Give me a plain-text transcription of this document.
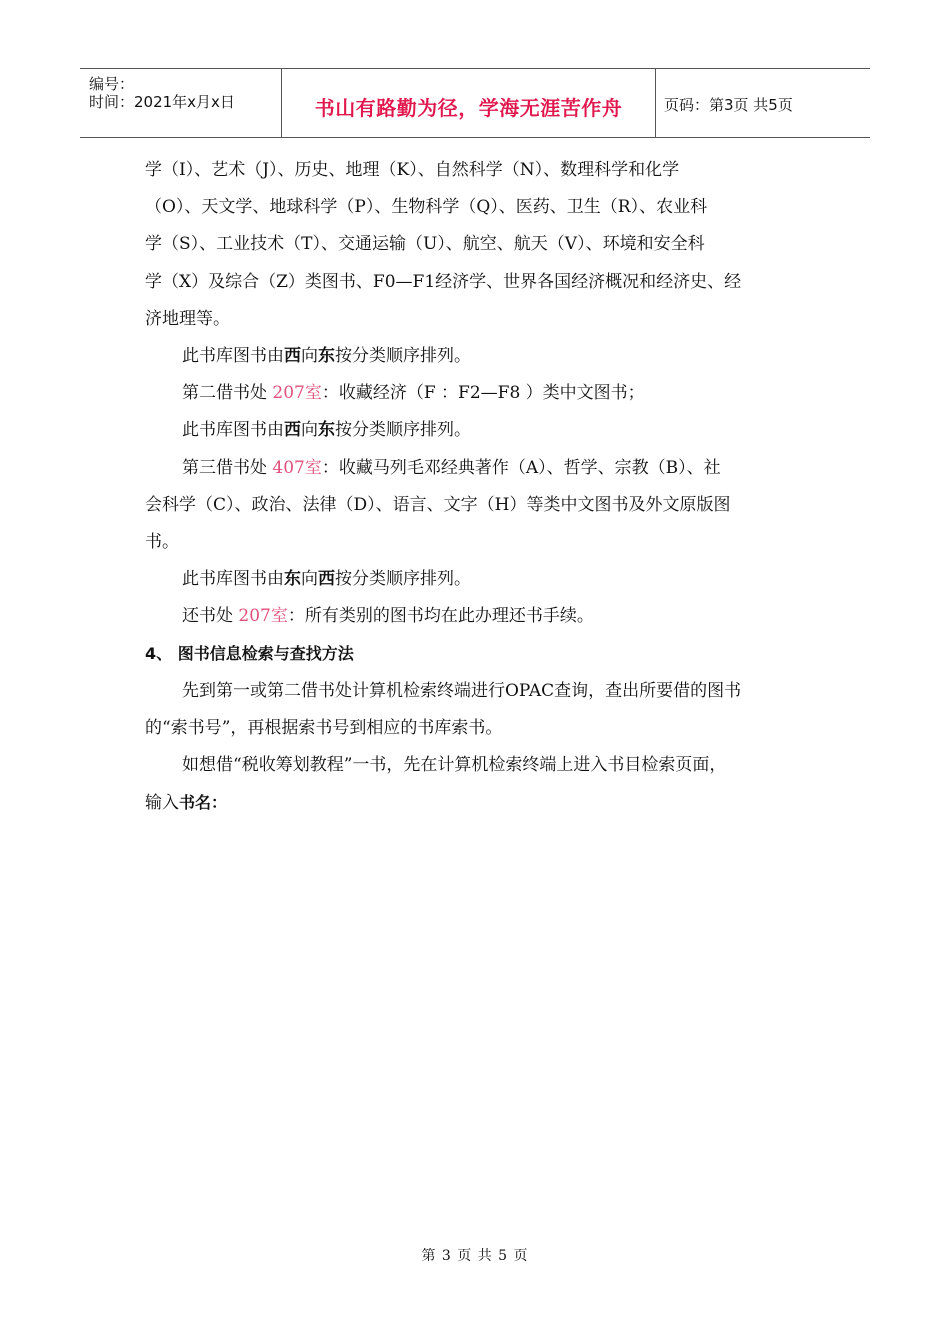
编号：
时间：2021年x月x日	书山有路勤为径，学海无涯苦作舟	页码：第3页 共5页
学（I）、艺术（J）、历史、地理（K）、自然科学（N）、数理科学和化学
（O）、天文学、地球科学（P）、生物科学（Q）、医药、卫生（R）、农业科
学（S）、工业技术（T）、交通运输（U）、航空、航天（V）、环境和安全科
学（X）及综合（Z）类图书、F0—F1经济学、世界各国经济概况和经济史、经
济地理等。
此书库图书由西向东按分类顺序排列。
第二借书处 207室：收藏经济（F ：F2—F8 ）类中文图书；
此书库图书由西向东按分类顺序排列。
第三借书处 407室：收藏马列毛邓经典著作（A）、哲学、宗教（B）、社
会科学（C）、政治、法律（D）、语言、文字（H）等类中文图书及外文原版图
书。
此书库图书由东向西按分类顺序排列。
还书处 207室：所有类别的图书均在此办理还书手续。
4、 图书信息检索与查找方法
先到第一或第二借书处计算机检索终端进行OPAC查询，查出所要借的图书
的“索书号”，再根据索书号到相应的书库索书。
如想借“税收筹划教程”一书，先在计算机检索终端上进入书目检索页面，
输入书名：
第 3 页 共 5 页
